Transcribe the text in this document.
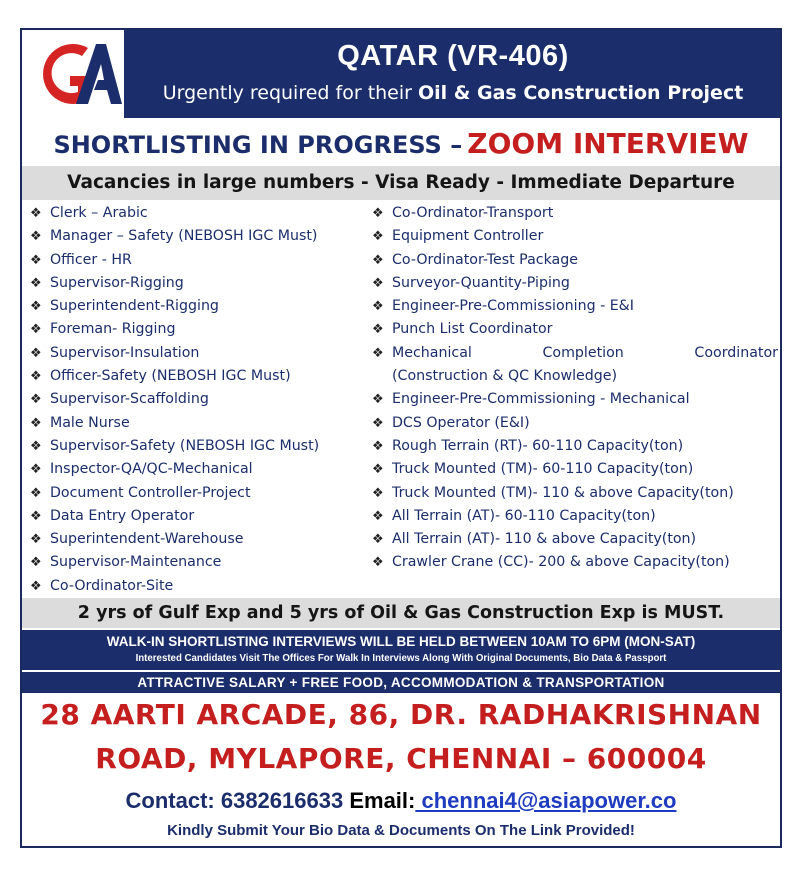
QATAR (VR-406)
Urgently required for their Oil & Gas Construction Project
SHORTLISTING IN PROGRESS – ZOOM INTERVIEW
Vacancies in large numbers - Visa Ready - Immediate Departure
❖ Clerk – Arabic
❖ Manager – Safety (NEBOSH IGC Must)
❖ Officer - HR
❖ Supervisor-Rigging
❖ Superintendent-Rigging
❖ Foreman- Rigging
❖ Supervisor-Insulation
❖ Officer-Safety (NEBOSH IGC Must)
❖ Supervisor-Scaffolding
❖ Male Nurse
❖ Supervisor-Safety (NEBOSH IGC Must)
❖ Inspector-QA/QC-Mechanical
❖ Document Controller-Project
❖ Data Entry Operator
❖ Superintendent-Warehouse
❖ Supervisor-Maintenance
❖ Co-Ordinator-Site
❖ Co-Ordinator-Transport
❖ Equipment Controller
❖ Co-Ordinator-Test Package
❖ Surveyor-Quantity-Piping
❖ Engineer-Pre-Commissioning - E&I
❖ Punch List Coordinator
❖ Mechanical Completion Coordinator
(Construction & QC Knowledge)
❖ Engineer-Pre-Commissioning - Mechanical
❖ DCS Operator (E&I)
❖ Rough Terrain (RT)- 60-110 Capacity(ton)
❖ Truck Mounted (TM)- 60-110 Capacity(ton)
❖ Truck Mounted (TM)- 110 & above Capacity(ton)
❖ All Terrain (AT)- 60-110 Capacity(ton)
❖ All Terrain (AT)- 110 & above Capacity(ton)
❖ Crawler Crane (CC)- 200 & above Capacity(ton)
2 yrs of Gulf Exp and 5 yrs of Oil & Gas Construction Exp is MUST.
WALK-IN SHORTLISTING INTERVIEWS WILL BE HELD BETWEEN 10AM TO 6PM (MON-SAT)
Interested Candidates Visit The Offices For Walk In Interviews Along With Original Documents, Bio Data & Passport
ATTRACTIVE SALARY + FREE FOOD, ACCOMMODATION & TRANSPORTATION
28 AARTI ARCADE, 86, DR. RADHAKRISHNAN
ROAD, MYLAPORE, CHENNAI – 600004
Contact: 6382616633 Email: chennai4@asiapower.co
Kindly Submit Your Bio Data & Documents On The Link Provided!
